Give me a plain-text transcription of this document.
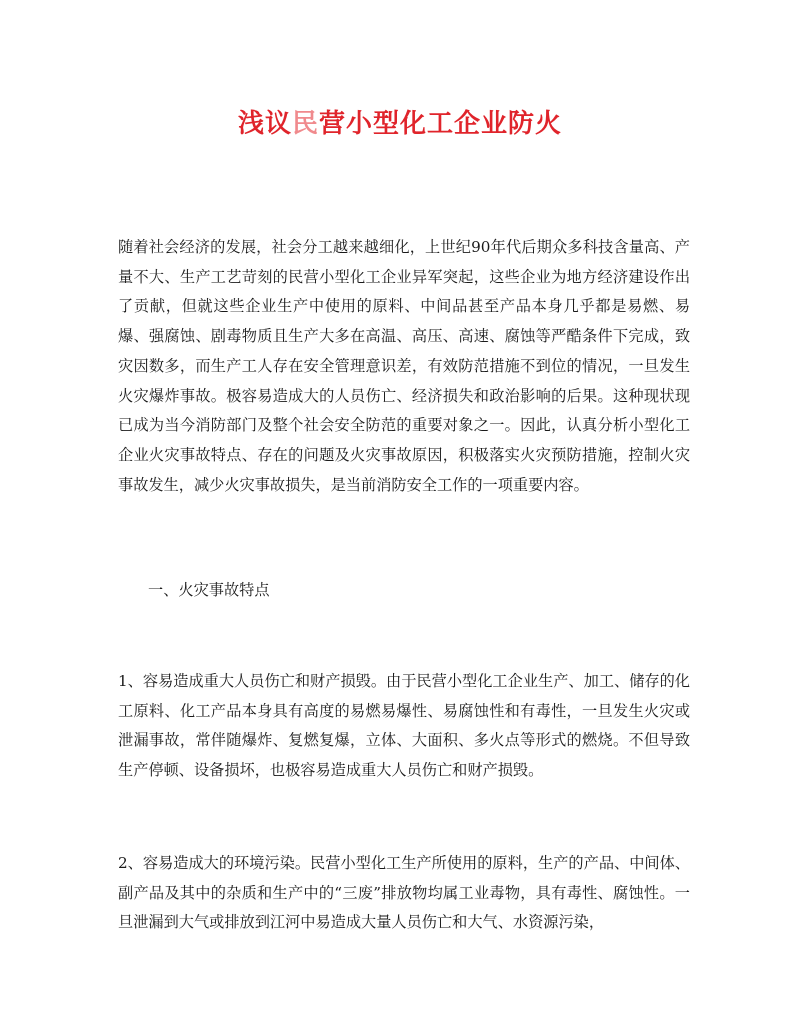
浅议民营小型化工企业防火
随着社会经济的发展，社会分工越来越细化，上世纪90年代后期众多科技含量高、产量不大、生产工艺苛刻的民营小型化工企业异军突起，这些企业为地方经济建设作出了贡献，但就这些企业生产中使用的原料、中间品甚至产品本身几乎都是易燃、易爆、强腐蚀、剧毒物质且生产大多在高温、高压、高速、腐蚀等严酷条件下完成，致灾因数多，而生产工人存在安全管理意识差，有效防范措施不到位的情况，一旦发生火灾爆炸事故。极容易造成大的人员伤亡、经济损失和政治影响的后果。这种现状现已成为当今消防部门及整个社会安全防范的重要对象之一。因此，认真分析小型化工企业火灾事故特点、存在的问题及火灾事故原因，积极落实火灾预防措施，控制火灾事故发生，减少火灾事故损失，是当前消防安全工作的一项重要内容。
一、火灾事故特点
1、容易造成重大人员伤亡和财产损毁。由于民营小型化工企业生产、加工、储存的化工原料、化工产品本身具有高度的易燃易爆性、易腐蚀性和有毒性，一旦发生火灾或泄漏事故，常伴随爆炸、复燃复爆，立体、大面积、多火点等形式的燃烧。不但导致生产停顿、设备损坏，也极容易造成重大人员伤亡和财产损毁。
2、容易造成大的环境污染。民营小型化工生产所使用的原料，生产的产品、中间体、副产品及其中的杂质和生产中的“三废”排放物均属工业毒物，具有毒性、腐蚀性。一旦泄漏到大气或排放到江河中易造成大量人员伤亡和大气、水资源污染，
